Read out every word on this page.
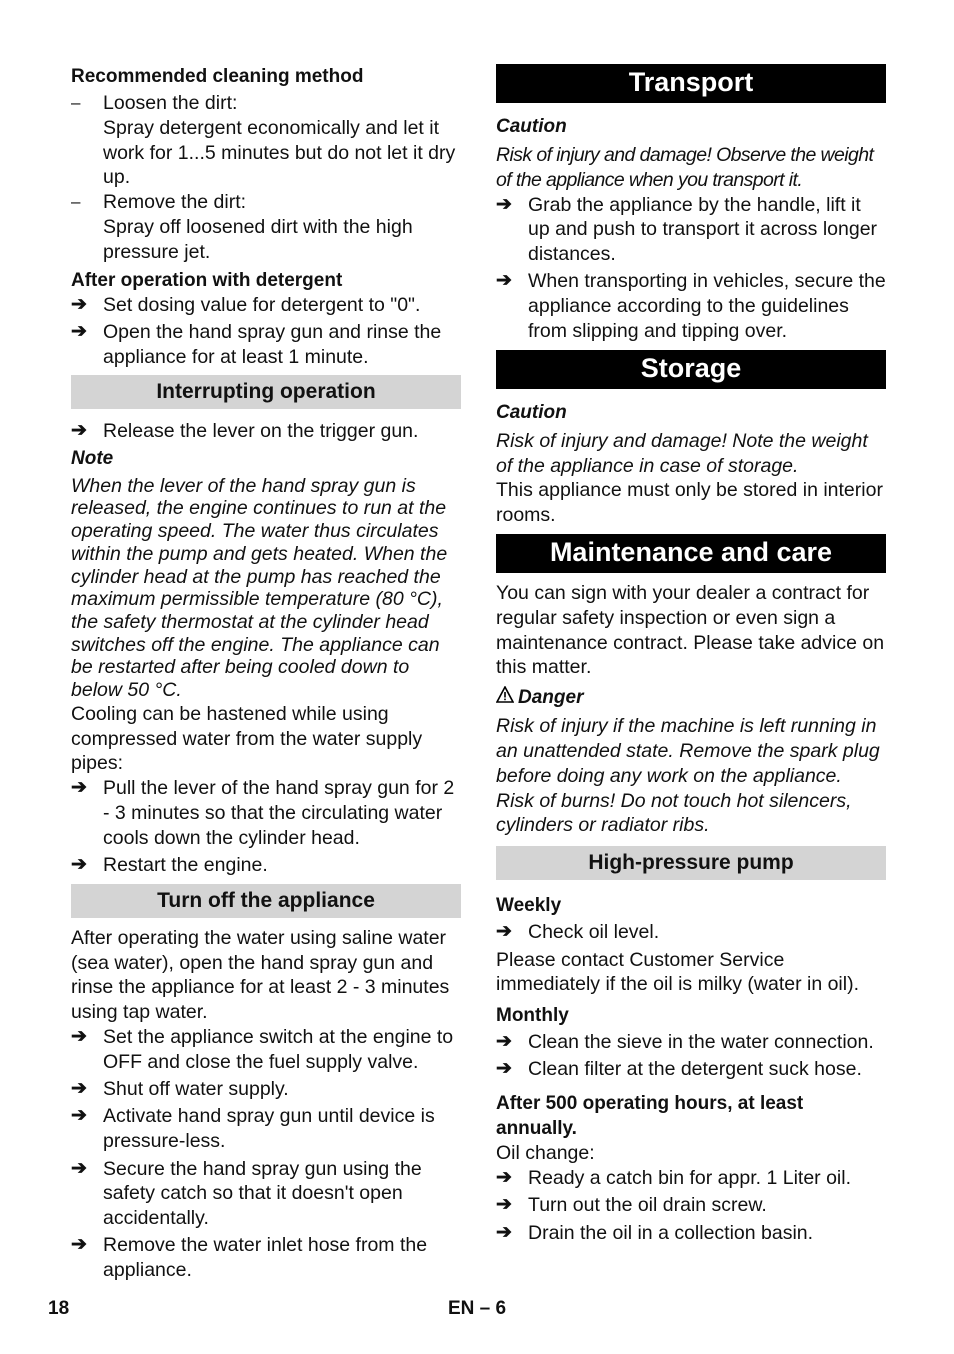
Recommended cleaning method
–	Loosen the dirt:

Spray detergent economically and let it work for 1...5 minutes but do not let it dry up.

–	Remove the dirt:

Spray off loosened dirt with the high pressure jet.

After operation with detergent
➔ Set dosing value for detergent to "0".

➔ Open the hand spray gun and rinse the appliance for at least 1 minute.

Interrupting operation
➔ Release the lever on the trigger gun.

Note

When the lever of the hand spray gun is released, the engine continues to run at the operating speed. The water thus circulates within the pump and gets heated. When the cylinder head at the pump has reached the maximum permissible temperature (80 °C), the safety thermostat at the cylinder head switches off the engine. The appliance can be restarted after being cooled down to below 50 °C.

Cooling can be hastened while using compressed water from the water supply pipes:

➔ Pull the lever of the hand spray gun for 2 - 3 minutes so that the circulating water cools down the cylinder head.

➔ Restart the engine.

Turn off the appliance

After operating the water using saline water (sea water), open the hand spray gun and rinse the appliance for at least 2 - 3 minutes using tap water.

➔ Set the appliance switch at the engine to OFF and close the fuel supply valve.

➔ Shut off water supply.

➔ Activate hand spray gun until device is pressure-less.

➔ Secure the hand spray gun using the safety catch so that it doesn't open accidentally.

➔ Remove the water inlet hose from the appliance.

Transport
Caution

Risk of injury and damage! Observe the weight of the appliance when you transport it.

➔ Grab the appliance by the handle, lift it up and push to transport it across longer distances.

➔ When transporting in vehicles, secure the appliance according to the guidelines from slipping and tipping over.

Storage
Caution

Risk of injury and damage! Note the weight of the appliance in case of storage.

This appliance must only be stored in interior rooms.

Maintenance and care

You can sign with your dealer a contract for regular safety inspection or even sign a maintenance contract. Please take advice on this matter.

Danger

Risk of injury if the machine is left running in an unattended state. Remove the spark plug before doing any work on the appliance.

Risk of burns! Do not touch hot silencers, cylinders or radiator ribs.

High-pressure pump
Weekly
➔ Check oil level.

Please contact Customer Service immediately if the oil is milky (water in oil).

Monthly
➔ Clean the sieve in the water connection.

➔ Clean filter at the detergent suck hose.

After 500 operating hours, at least annually.

Oil change:

➔ Ready a catch bin for appr. 1 Liter oil.

➔ Turn out the oil drain screw.

➔ Drain the oil in a collection basin.

18	EN – 6
